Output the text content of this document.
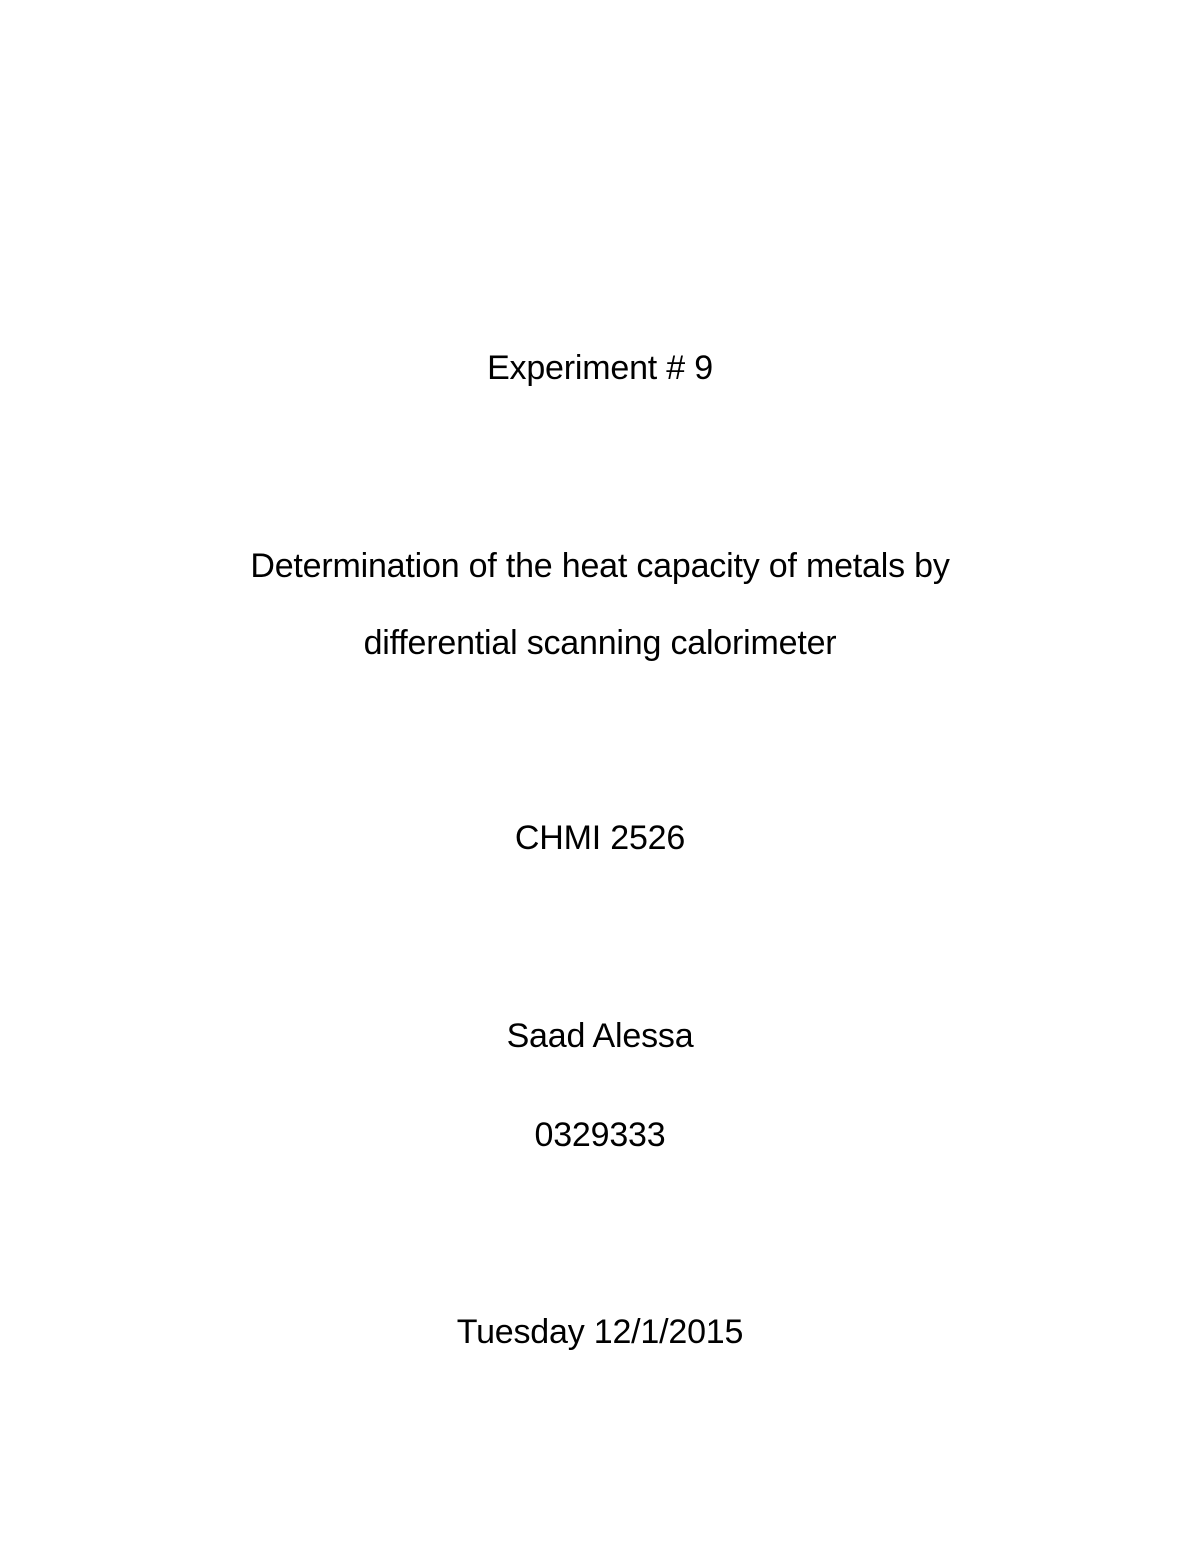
Experiment # 9
Determination of the heat capacity of metals by
differential scanning calorimeter
CHMI 2526
Saad Alessa
0329333
Tuesday 12/1/2015
